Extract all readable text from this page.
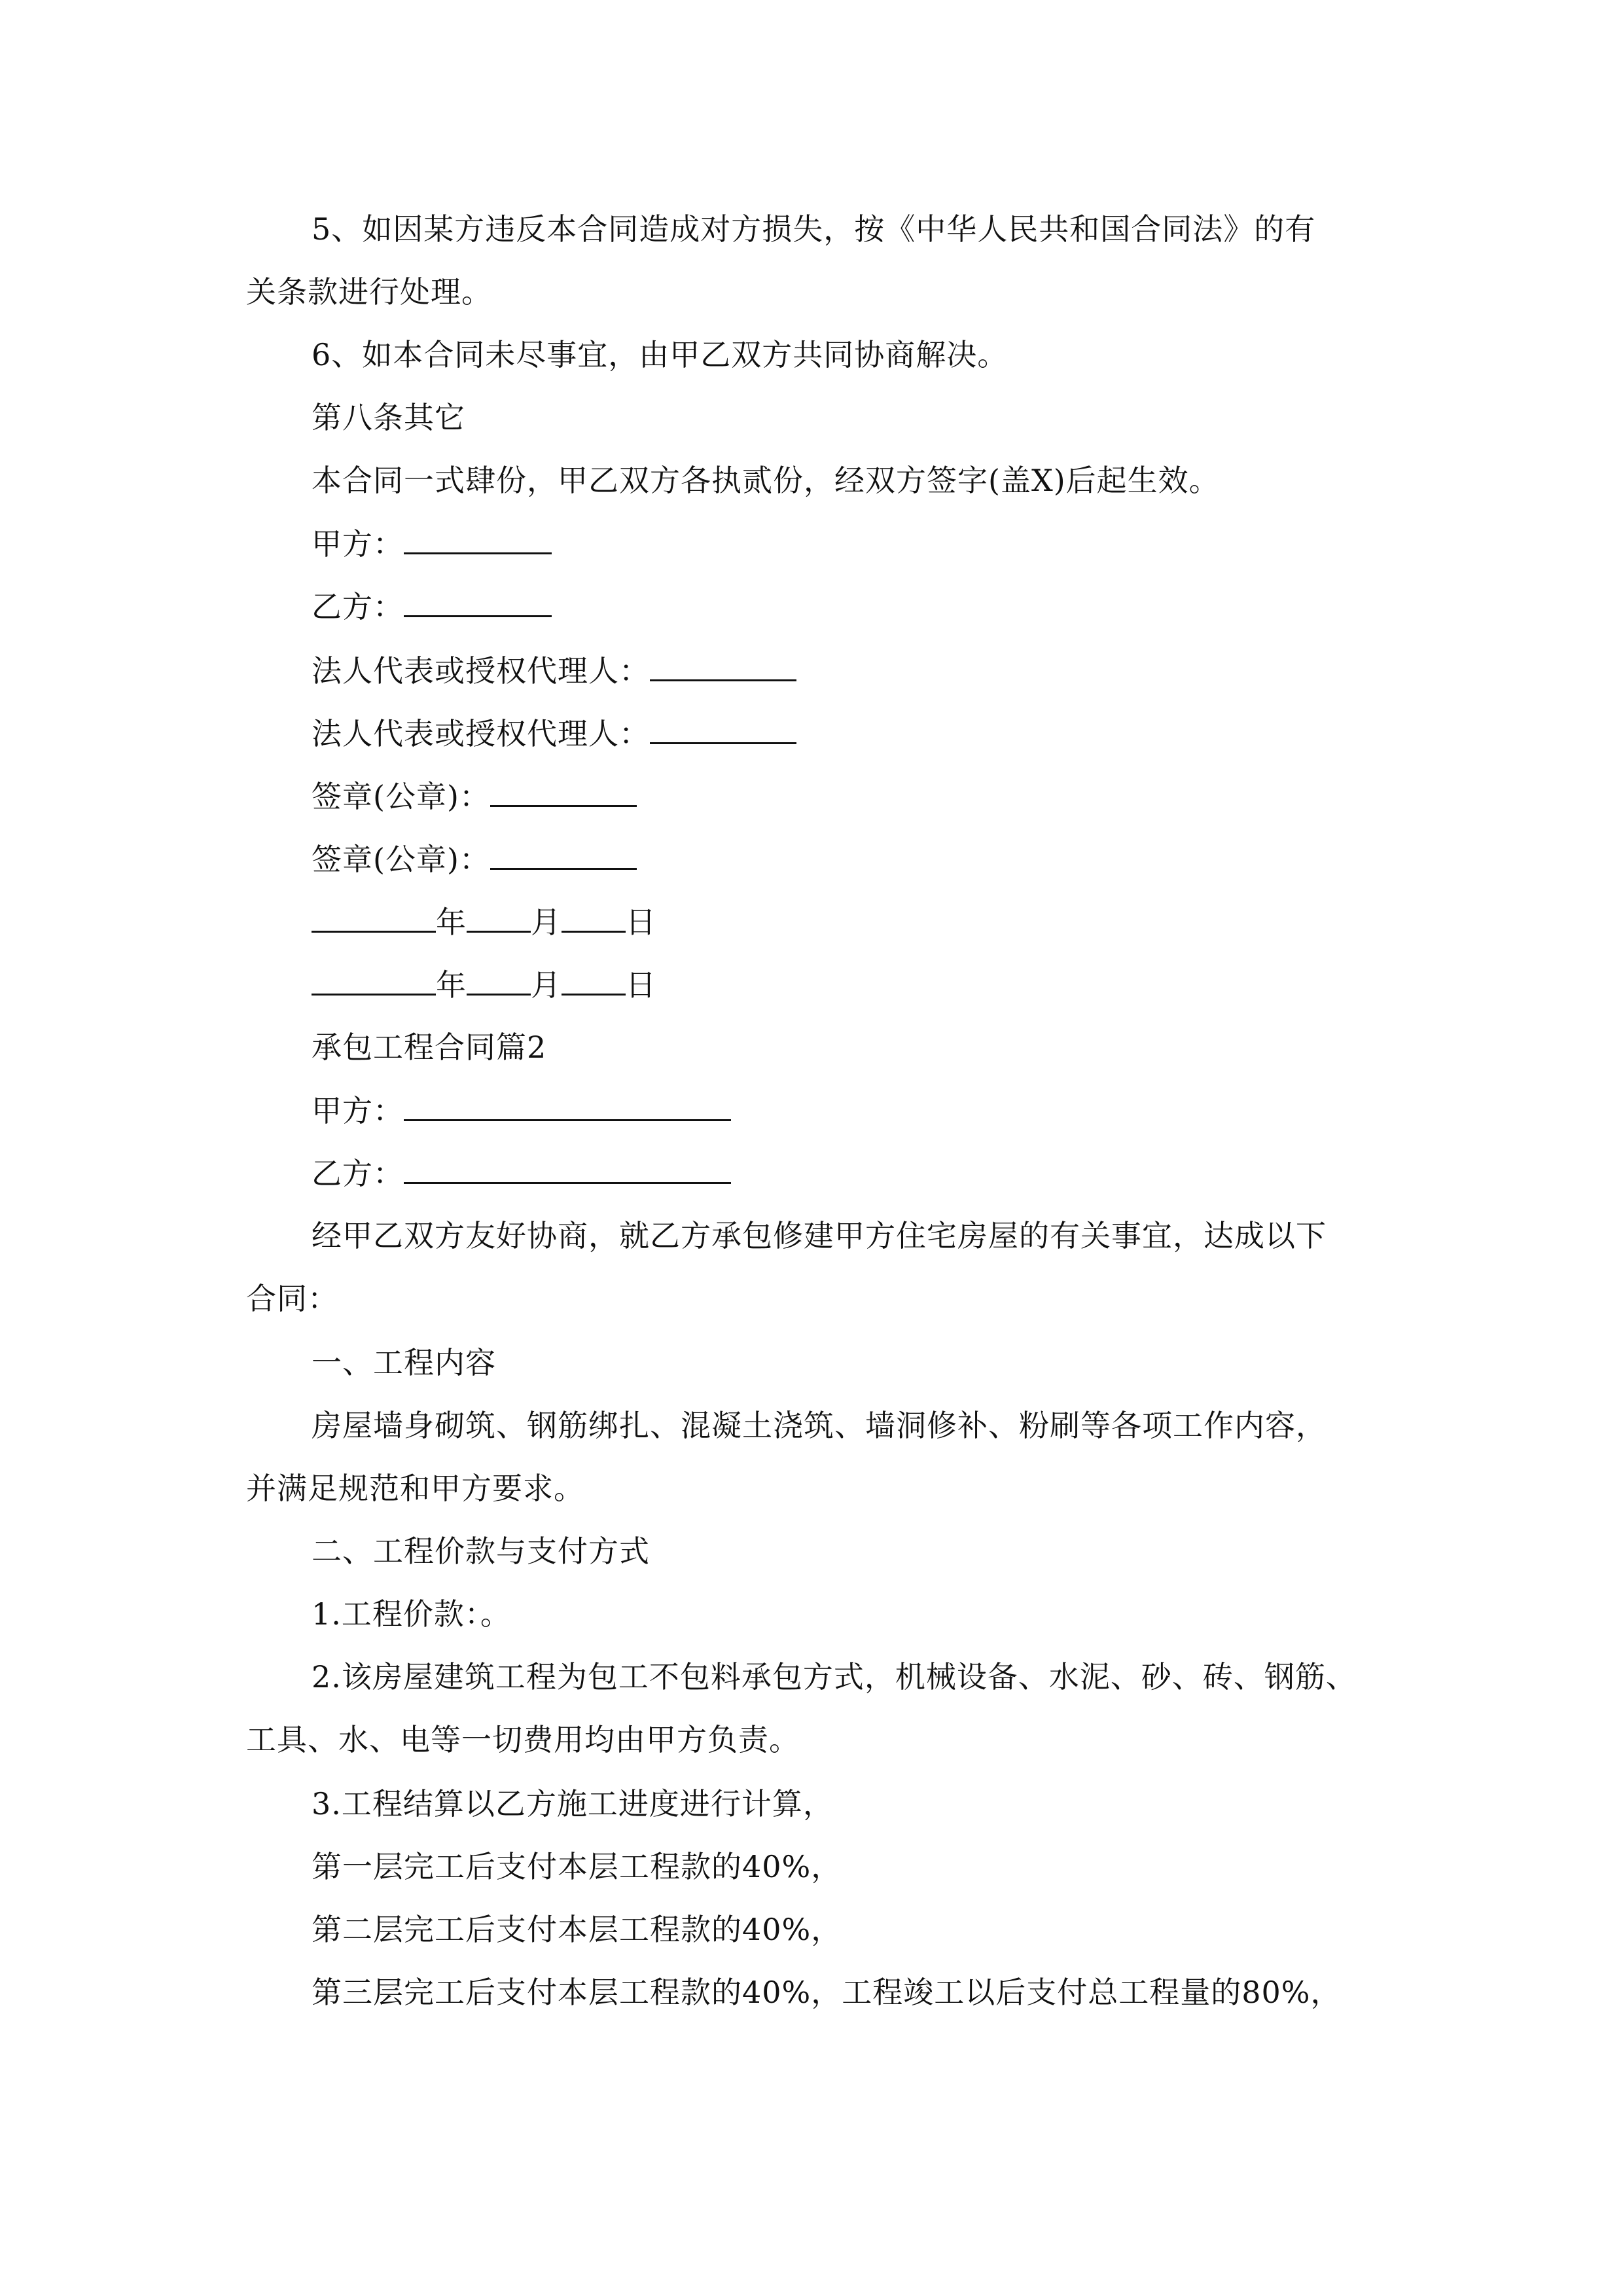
5、如因某方违反本合同造成对方损失，按《中华人民共和国合同法》的有
关条款进行处理。
6、如本合同未尽事宜，由甲乙双方共同协商解决。
第八条其它
本合同一式肆份，甲乙双方各执贰份，经双方签字(盖X)后起生效。
甲方：
乙方：
法人代表或授权代理人：
法人代表或授权代理人：
签章(公章)：
签章(公章)：
年 月 日
年 月 日
承包工程合同篇2
甲方：
乙方：
经甲乙双方友好协商，就乙方承包修建甲方住宅房屋的有关事宜，达成以下
合同：
一、工程内容
房屋墙身砌筑、钢筋绑扎、混凝土浇筑、墙洞修补、粉刷等各项工作内容，
并满足规范和甲方要求。
二、工程价款与支付方式
1.工程价款：。
2.该房屋建筑工程为包工不包料承包方式，机械设备、水泥、砂、砖、钢筋、
工具、水、电等一切费用均由甲方负责。
3.工程结算以乙方施工进度进行计算，
第一层完工后支付本层工程款的40%，
第二层完工后支付本层工程款的40%，
第三层完工后支付本层工程款的40%，工程竣工以后支付总工程量的80%，
